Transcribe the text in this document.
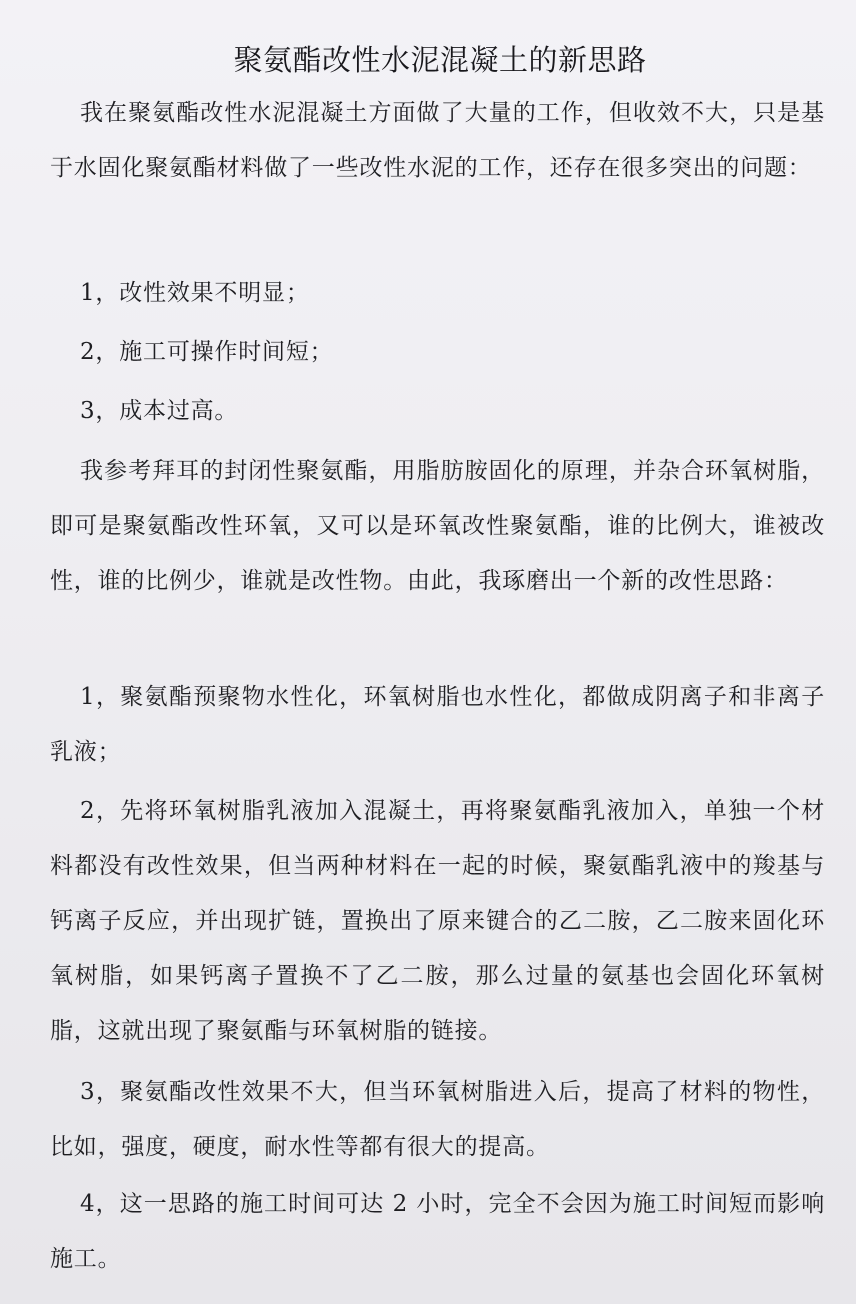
聚氨酯改性水泥混凝土的新思路

我在聚氨酯改性水泥混凝土方面做了大量的工作，但收效不大，只是基于水固化聚氨酯材料做了一些改性水泥的工作，还存在很多突出的问题：

1，改性效果不明显；

2，施工可操作时间短；

3，成本过高。

我参考拜耳的封闭性聚氨酯，用脂肪胺固化的原理，并杂合环氧树脂，即可是聚氨酯改性环氧，又可以是环氧改性聚氨酯，谁的比例大，谁被改性，谁的比例少，谁就是改性物。由此，我琢磨出一个新的改性思路：

1，聚氨酯预聚物水性化，环氧树脂也水性化，都做成阴离子和非离子乳液；

2，先将环氧树脂乳液加入混凝土，再将聚氨酯乳液加入，单独一个材料都没有改性效果，但当两种材料在一起的时候，聚氨酯乳液中的羧基与钙离子反应，并出现扩链，置换出了原来键合的乙二胺，乙二胺来固化环氧树脂，如果钙离子置换不了乙二胺，那么过量的氨基也会固化环氧树脂，这就出现了聚氨酯与环氧树脂的链接。

3，聚氨酯改性效果不大，但当环氧树脂进入后，提高了材料的物性，比如，强度，硬度，耐水性等都有很大的提高。

4，这一思路的施工时间可达 2 小时，完全不会因为施工时间短而影响施工。
